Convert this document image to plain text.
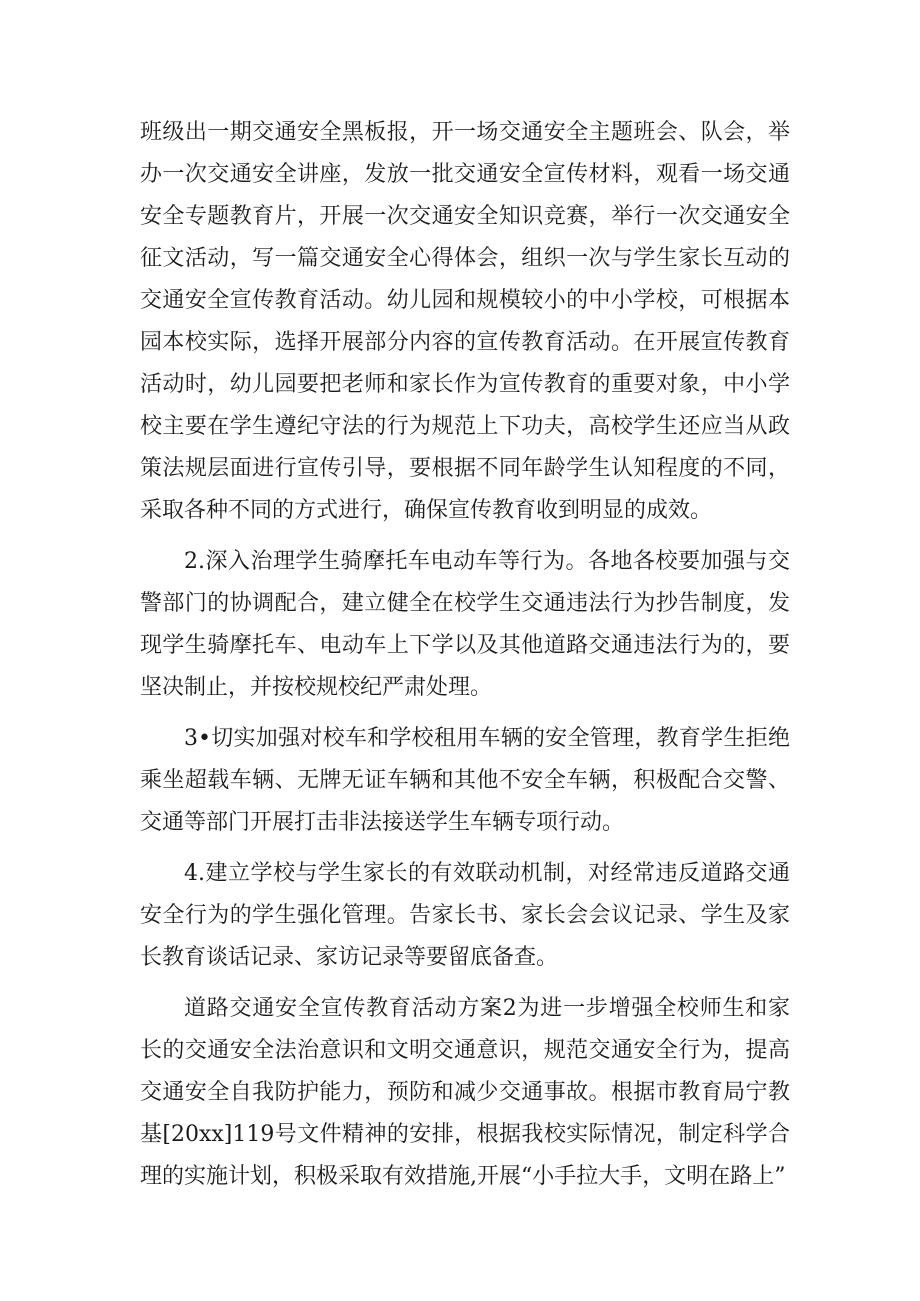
班级出一期交通安全黑板报，开一场交通安全主题班会、队会，举办一次交通安全讲座，发放一批交通安全宣传材料，观看一场交通安全专题教育片，开展一次交通安全知识竞赛，举行一次交通安全征文活动，写一篇交通安全心得体会，组织一次与学生家长互动的交通安全宣传教育活动。幼儿园和规模较小的中小学校，可根据本园本校实际，选择开展部分内容的宣传教育活动。在开展宣传教育活动时，幼儿园要把老师和家长作为宣传教育的重要对象，中小学校主要在学生遵纪守法的行为规范上下功夫，高校学生还应当从政策法规层面进行宣传引导，要根据不同年龄学生认知程度的不同，采取各种不同的方式进行，确保宣传教育收到明显的成效。

2.深入治理学生骑摩托车电动车等行为。各地各校要加强与交警部门的协调配合，建立健全在校学生交通违法行为抄告制度，发现学生骑摩托车、电动车上下学以及其他道路交通违法行为的，要坚决制止，并按校规校纪严肃处理。

3•切实加强对校车和学校租用车辆的安全管理，教育学生拒绝乘坐超载车辆、无牌无证车辆和其他不安全车辆，积极配合交警、交通等部门开展打击非法接送学生车辆专项行动。

4.建立学校与学生家长的有效联动机制，对经常违反道路交通安全行为的学生强化管理。告家长书、家长会会议记录、学生及家长教育谈话记录、家访记录等要留底备查。

道路交通安全宣传教育活动方案2为进一步增强全校师生和家长的交通安全法治意识和文明交通意识，规范交通安全行为，提高交通安全自我防护能力，预防和减少交通事故。根据市教育局宁教基[20xx]119号文件精神的安排，根据我校实际情况，制定科学合理的实施计划，积极采取有效措施,开展“小手拉大手，文明在路上”
